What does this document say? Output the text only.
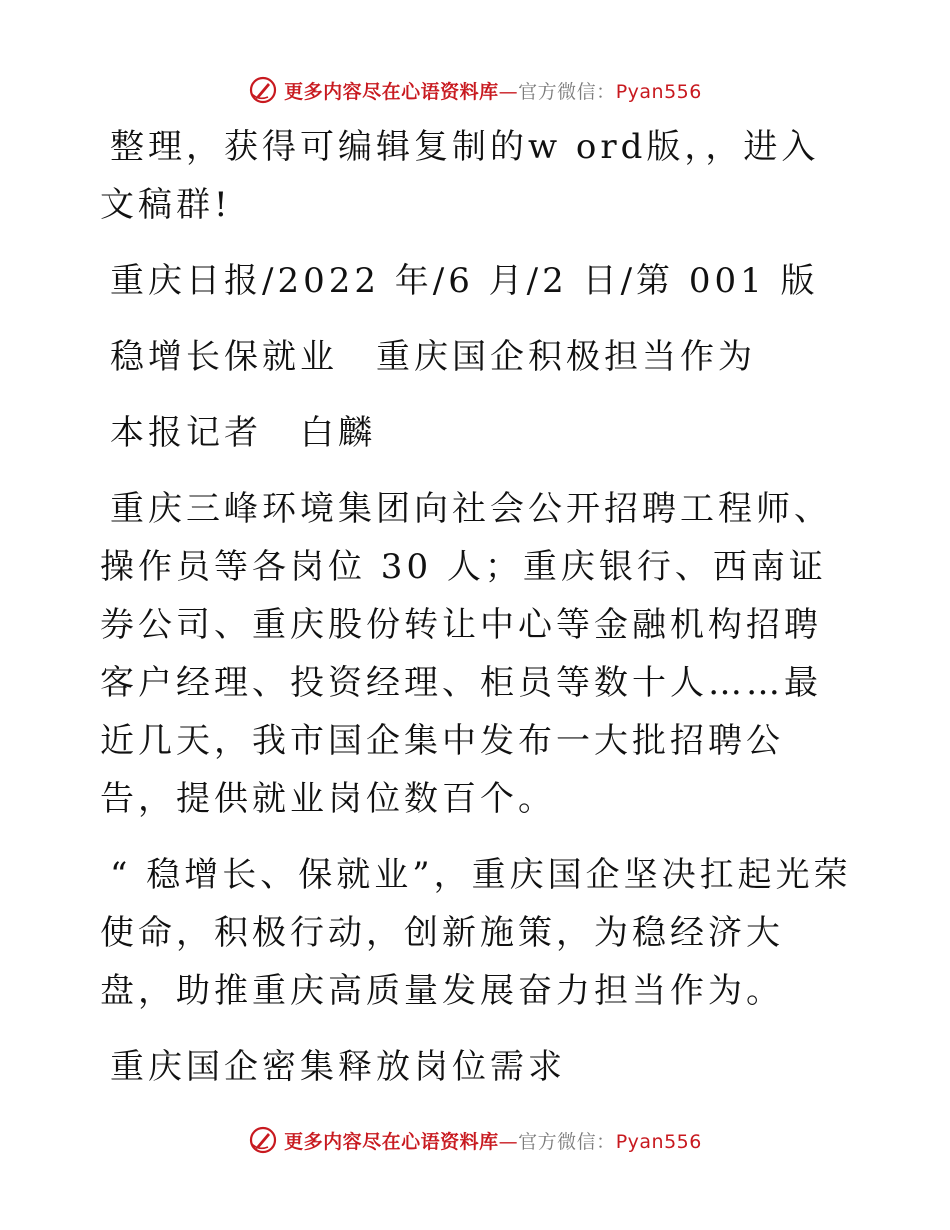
更多内容尽在心语资料库—官方微信：Pyan556

整理，获得可编辑复制的w ord版，，进入文稿群!

重庆日报/2022 年/6 月/2 日/第 001 版

稳增长保就业　重庆国企积极担当作为

本报记者　白麟

重庆三峰环境集团向社会公开招聘工程师、操作员等各岗位 30 人；重庆银行、西南证券公司、重庆股份转让中心等金融机构招聘客户经理、投资经理、柜员等数十人……最近几天，我市国企集中发布一大批招聘公告，提供就业岗位数百个。

“ 稳增长、保就业”，重庆国企坚决扛起光荣使命，积极行动，创新施策，为稳经济大盘，助推重庆高质量发展奋力担当作为。

重庆国企密集释放岗位需求

更多内容尽在心语资料库—官方微信：Pyan556
